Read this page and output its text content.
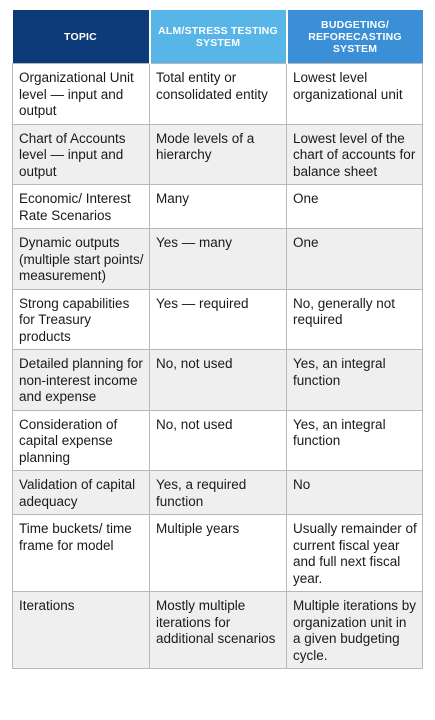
TOPIC	ALM/STRESS TESTING SYSTEM	BUDGETING/ REFORECASTING SYSTEM
Organizational Unit level — input and output	Total entity or consolidated entity	Lowest level organizational unit
Chart of Accounts level — input and output	Mode levels of a hierarchy	Lowest level of the chart of accounts for balance sheet
Economic/ Interest Rate Scenarios	Many	One
Dynamic outputs (multiple start points/ measurement)	Yes — many	One
Strong capabilities for Treasury products	Yes — required	No, generally not required
Detailed planning for non-interest income and expense	No, not used	Yes, an integral function
Consideration of capital expense planning	No, not used	Yes, an integral function
Validation of capital adequacy	Yes, a required function	No
Time buckets/ time frame for model	Multiple years	Usually remainder of current fiscal year and full next fiscal year.
Iterations	Mostly multiple iterations for additional scenarios	Multiple iterations by organization unit in a given budgeting cycle.
